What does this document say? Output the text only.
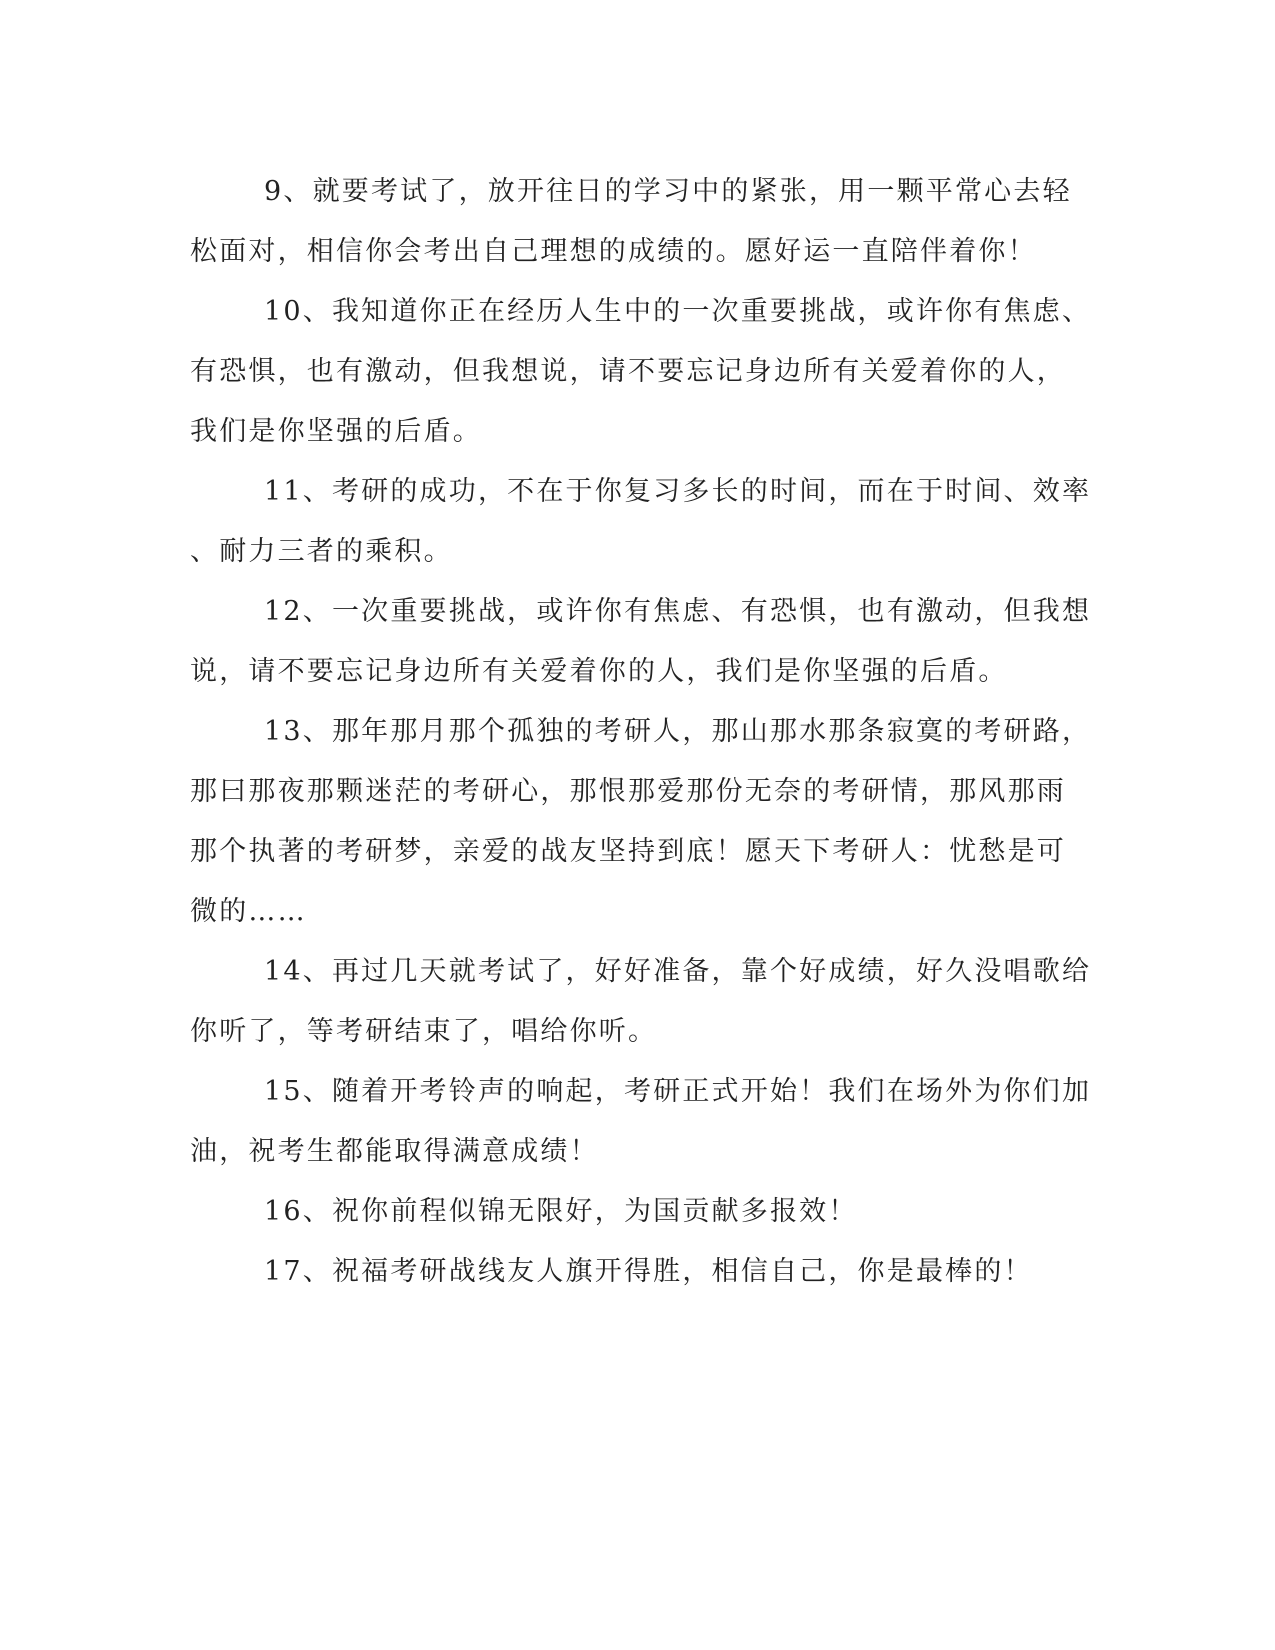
9、就要考试了，放开往日的学习中的紧张，用一颗平常心去轻
松面对，相信你会考出自己理想的成绩的。愿好运一直陪伴着你！

10、我知道你正在经历人生中的一次重要挑战，或许你有焦虑、
有恐惧，也有激动，但我想说，请不要忘记身边所有关爱着你的人，
我们是你坚强的后盾。

11、考研的成功，不在于你复习多长的时间，而在于时间、效率
、耐力三者的乘积。

12、一次重要挑战，或许你有焦虑、有恐惧，也有激动，但我想
说，请不要忘记身边所有关爱着你的人，我们是你坚强的后盾。

13、那年那月那个孤独的考研人，那山那水那条寂寞的考研路，
那曰那夜那颗迷茫的考研心，那恨那爱那份无奈的考研情，那风那雨
那个执著的考研梦，亲爱的战友坚持到底！愿天下考研人：忧愁是可
微的……

14、再过几天就考试了，好好准备，靠个好成绩，好久没唱歌给
你听了，等考研结束了，唱给你听。

15、随着开考铃声的响起，考研正式开始！我们在场外为你们加
油，祝考生都能取得满意成绩！

16、祝你前程似锦无限好，为国贡献多报效！

17、祝福考研战线友人旗开得胜，相信自己，你是最棒的！
